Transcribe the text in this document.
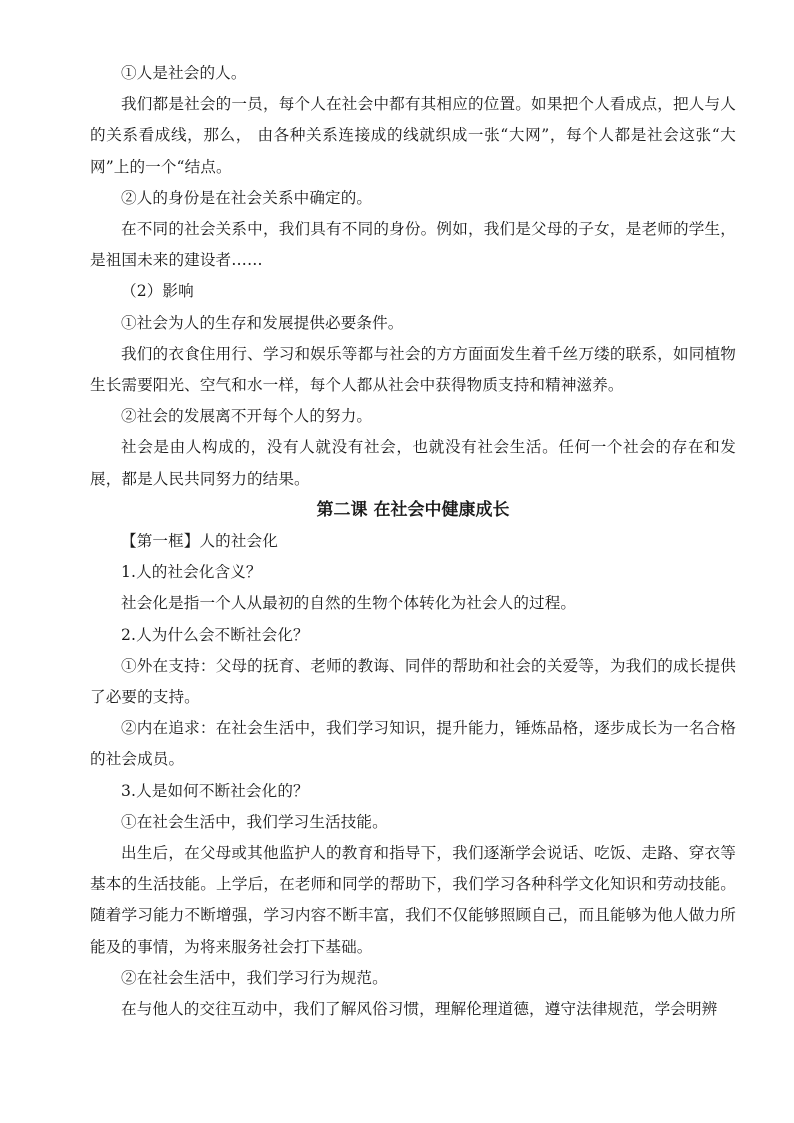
①人是社会的人。

我们都是社会的一员，每个人在社会中都有其相应的位置。如果把个人看成点，把人与人的关系看成线，那么， 由各种关系连接成的线就织成一张“大网”，每个人都是社会这张“大网”上的一个“结点。

②人的身份是在社会关系中确定的。

在不同的社会关系中，我们具有不同的身份。例如，我们是父母的子女，是老师的学生，是祖国未来的建设者……

（2）影响

①社会为人的生存和发展提供必要条件。

我们的衣食住用行、学习和娱乐等都与社会的方方面面发生着千丝万缕的联系，如同植物生长需要阳光、空气和水一样，每个人都从社会中获得物质支持和精神滋养。

②社会的发展离不开每个人的努力。

社会是由人构成的，没有人就没有社会，也就没有社会生活。任何一个社会的存在和发展，都是人民共同努力的结果。

第二课 在社会中健康成长

【第一框】人的社会化

1.人的社会化含义？

社会化是指一个人从最初的自然的生物个体转化为社会人的过程。

2.人为什么会不断社会化？

①外在支持：父母的抚育、老师的教诲、同伴的帮助和社会的关爱等，为我们的成长提供了必要的支持。

②内在追求：在社会生活中，我们学习知识，提升能力，锤炼品格，逐步成长为一名合格的社会成员。

3.人是如何不断社会化的？

①在社会生活中，我们学习生活技能。

出生后，在父母或其他监护人的教育和指导下，我们逐渐学会说话、吃饭、走路、穿衣等基本的生活技能。上学后，在老师和同学的帮助下，我们学习各种科学文化知识和劳动技能。随着学习能力不断增强，学习内容不断丰富，我们不仅能够照顾自己，而且能够为他人做力所能及的事情，为将来服务社会打下基础。

②在社会生活中，我们学习行为规范。

在与他人的交往互动中，我们了解风俗习惯，理解伦理道德，遵守法律规范，学会明辨
